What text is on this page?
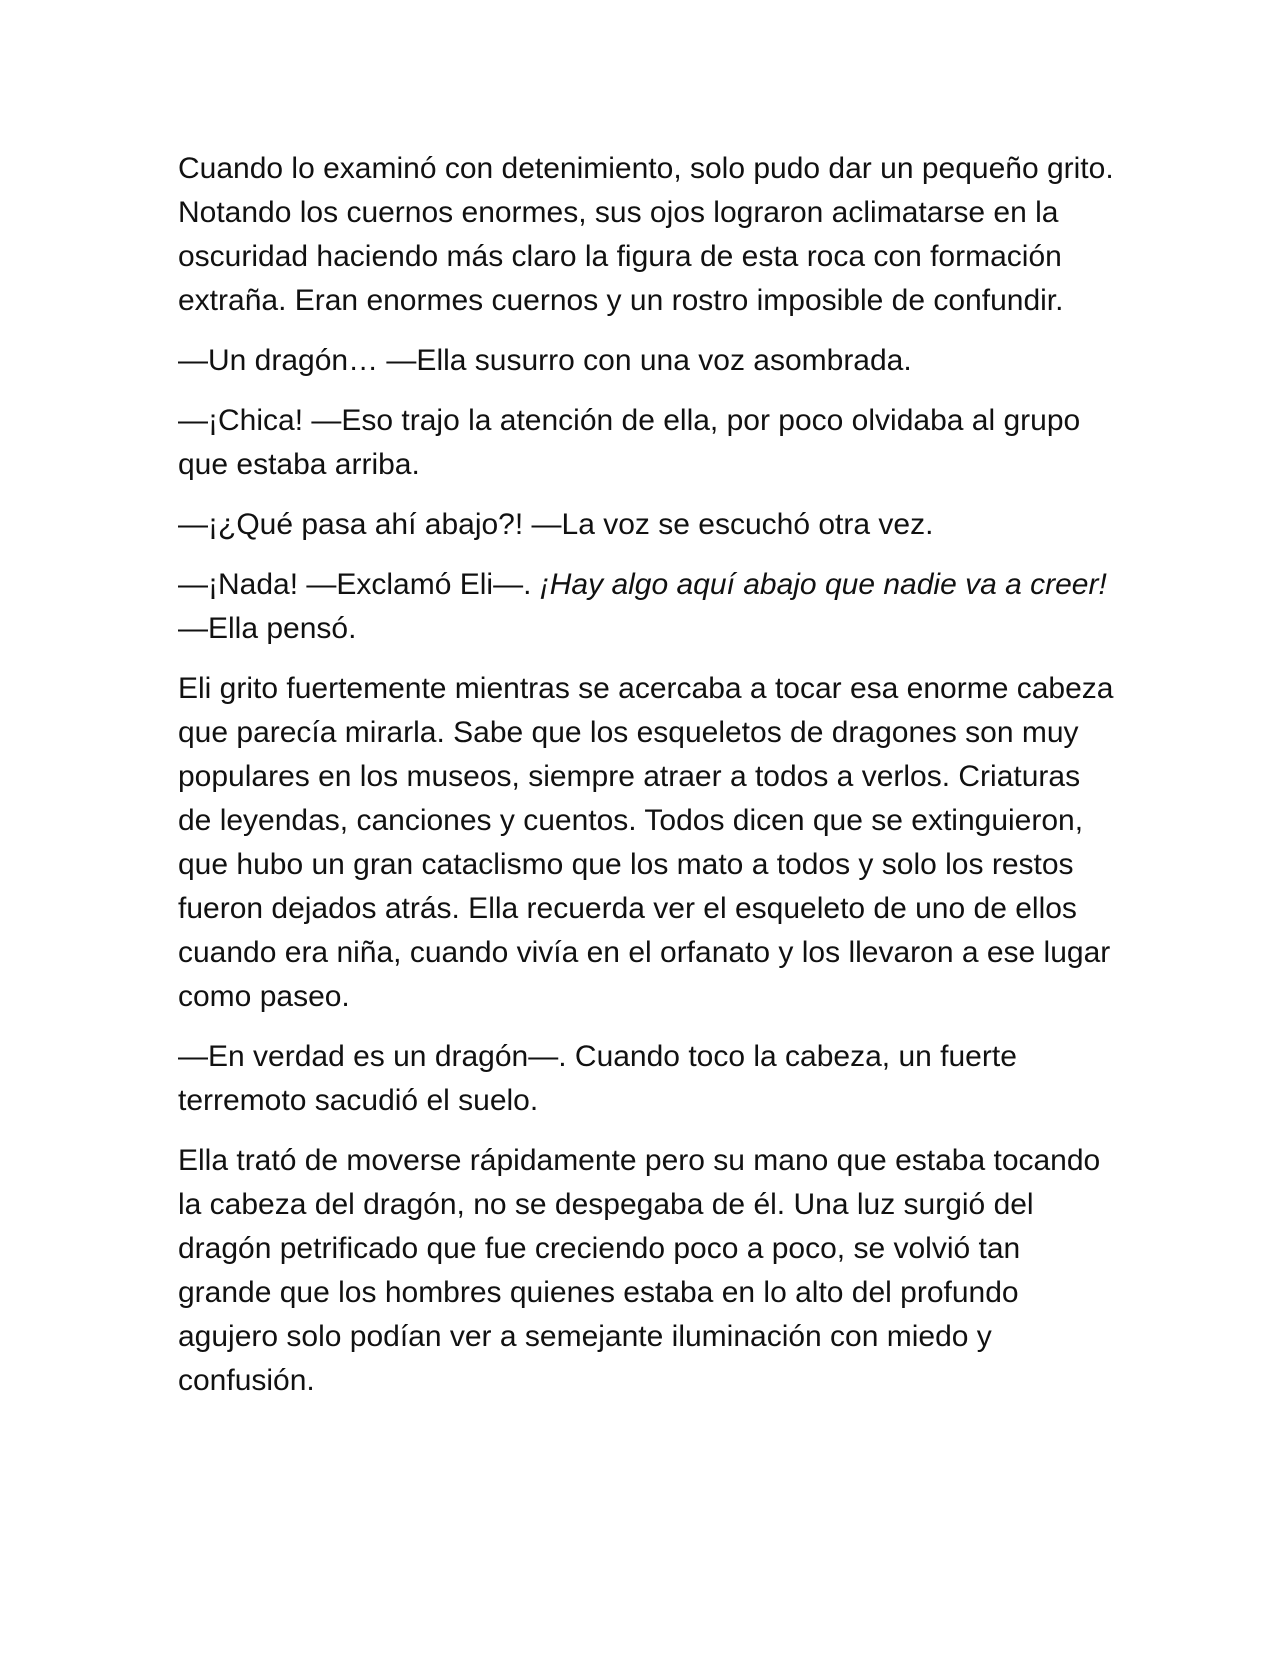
Cuando lo examinó con detenimiento, solo pudo dar un pequeño grito. Notando los cuernos enormes, sus ojos lograron aclimatarse en la oscuridad haciendo más claro la figura de esta roca con formación extraña. Eran enormes cuernos y un rostro imposible de confundir.

—Un dragón… —Ella susurro con una voz asombrada.

—¡Chica! —Eso trajo la atención de ella, por poco olvidaba al grupo que estaba arriba.

—¡¿Qué pasa ahí abajo?! —La voz se escuchó otra vez.

—¡Nada! —Exclamó Eli—. ¡Hay algo aquí abajo que nadie va a creer! —Ella pensó.

Eli grito fuertemente mientras se acercaba a tocar esa enorme cabeza que parecía mirarla. Sabe que los esqueletos de dragones son muy populares en los museos, siempre atraer a todos a verlos. Criaturas de leyendas, canciones y cuentos. Todos dicen que se extinguieron, que hubo un gran cataclismo que los mato a todos y solo los restos fueron dejados atrás. Ella recuerda ver el esqueleto de uno de ellos cuando era niña, cuando vivía en el orfanato y los llevaron a ese lugar como paseo.

—En verdad es un dragón—. Cuando toco la cabeza, un fuerte terremoto sacudió el suelo.

Ella trató de moverse rápidamente pero su mano que estaba tocando la cabeza del dragón, no se despegaba de él. Una luz surgió del dragón petrificado que fue creciendo poco a poco, se volvió tan grande que los hombres quienes estaba en lo alto del profundo agujero solo podían ver a semejante iluminación con miedo y confusión.
